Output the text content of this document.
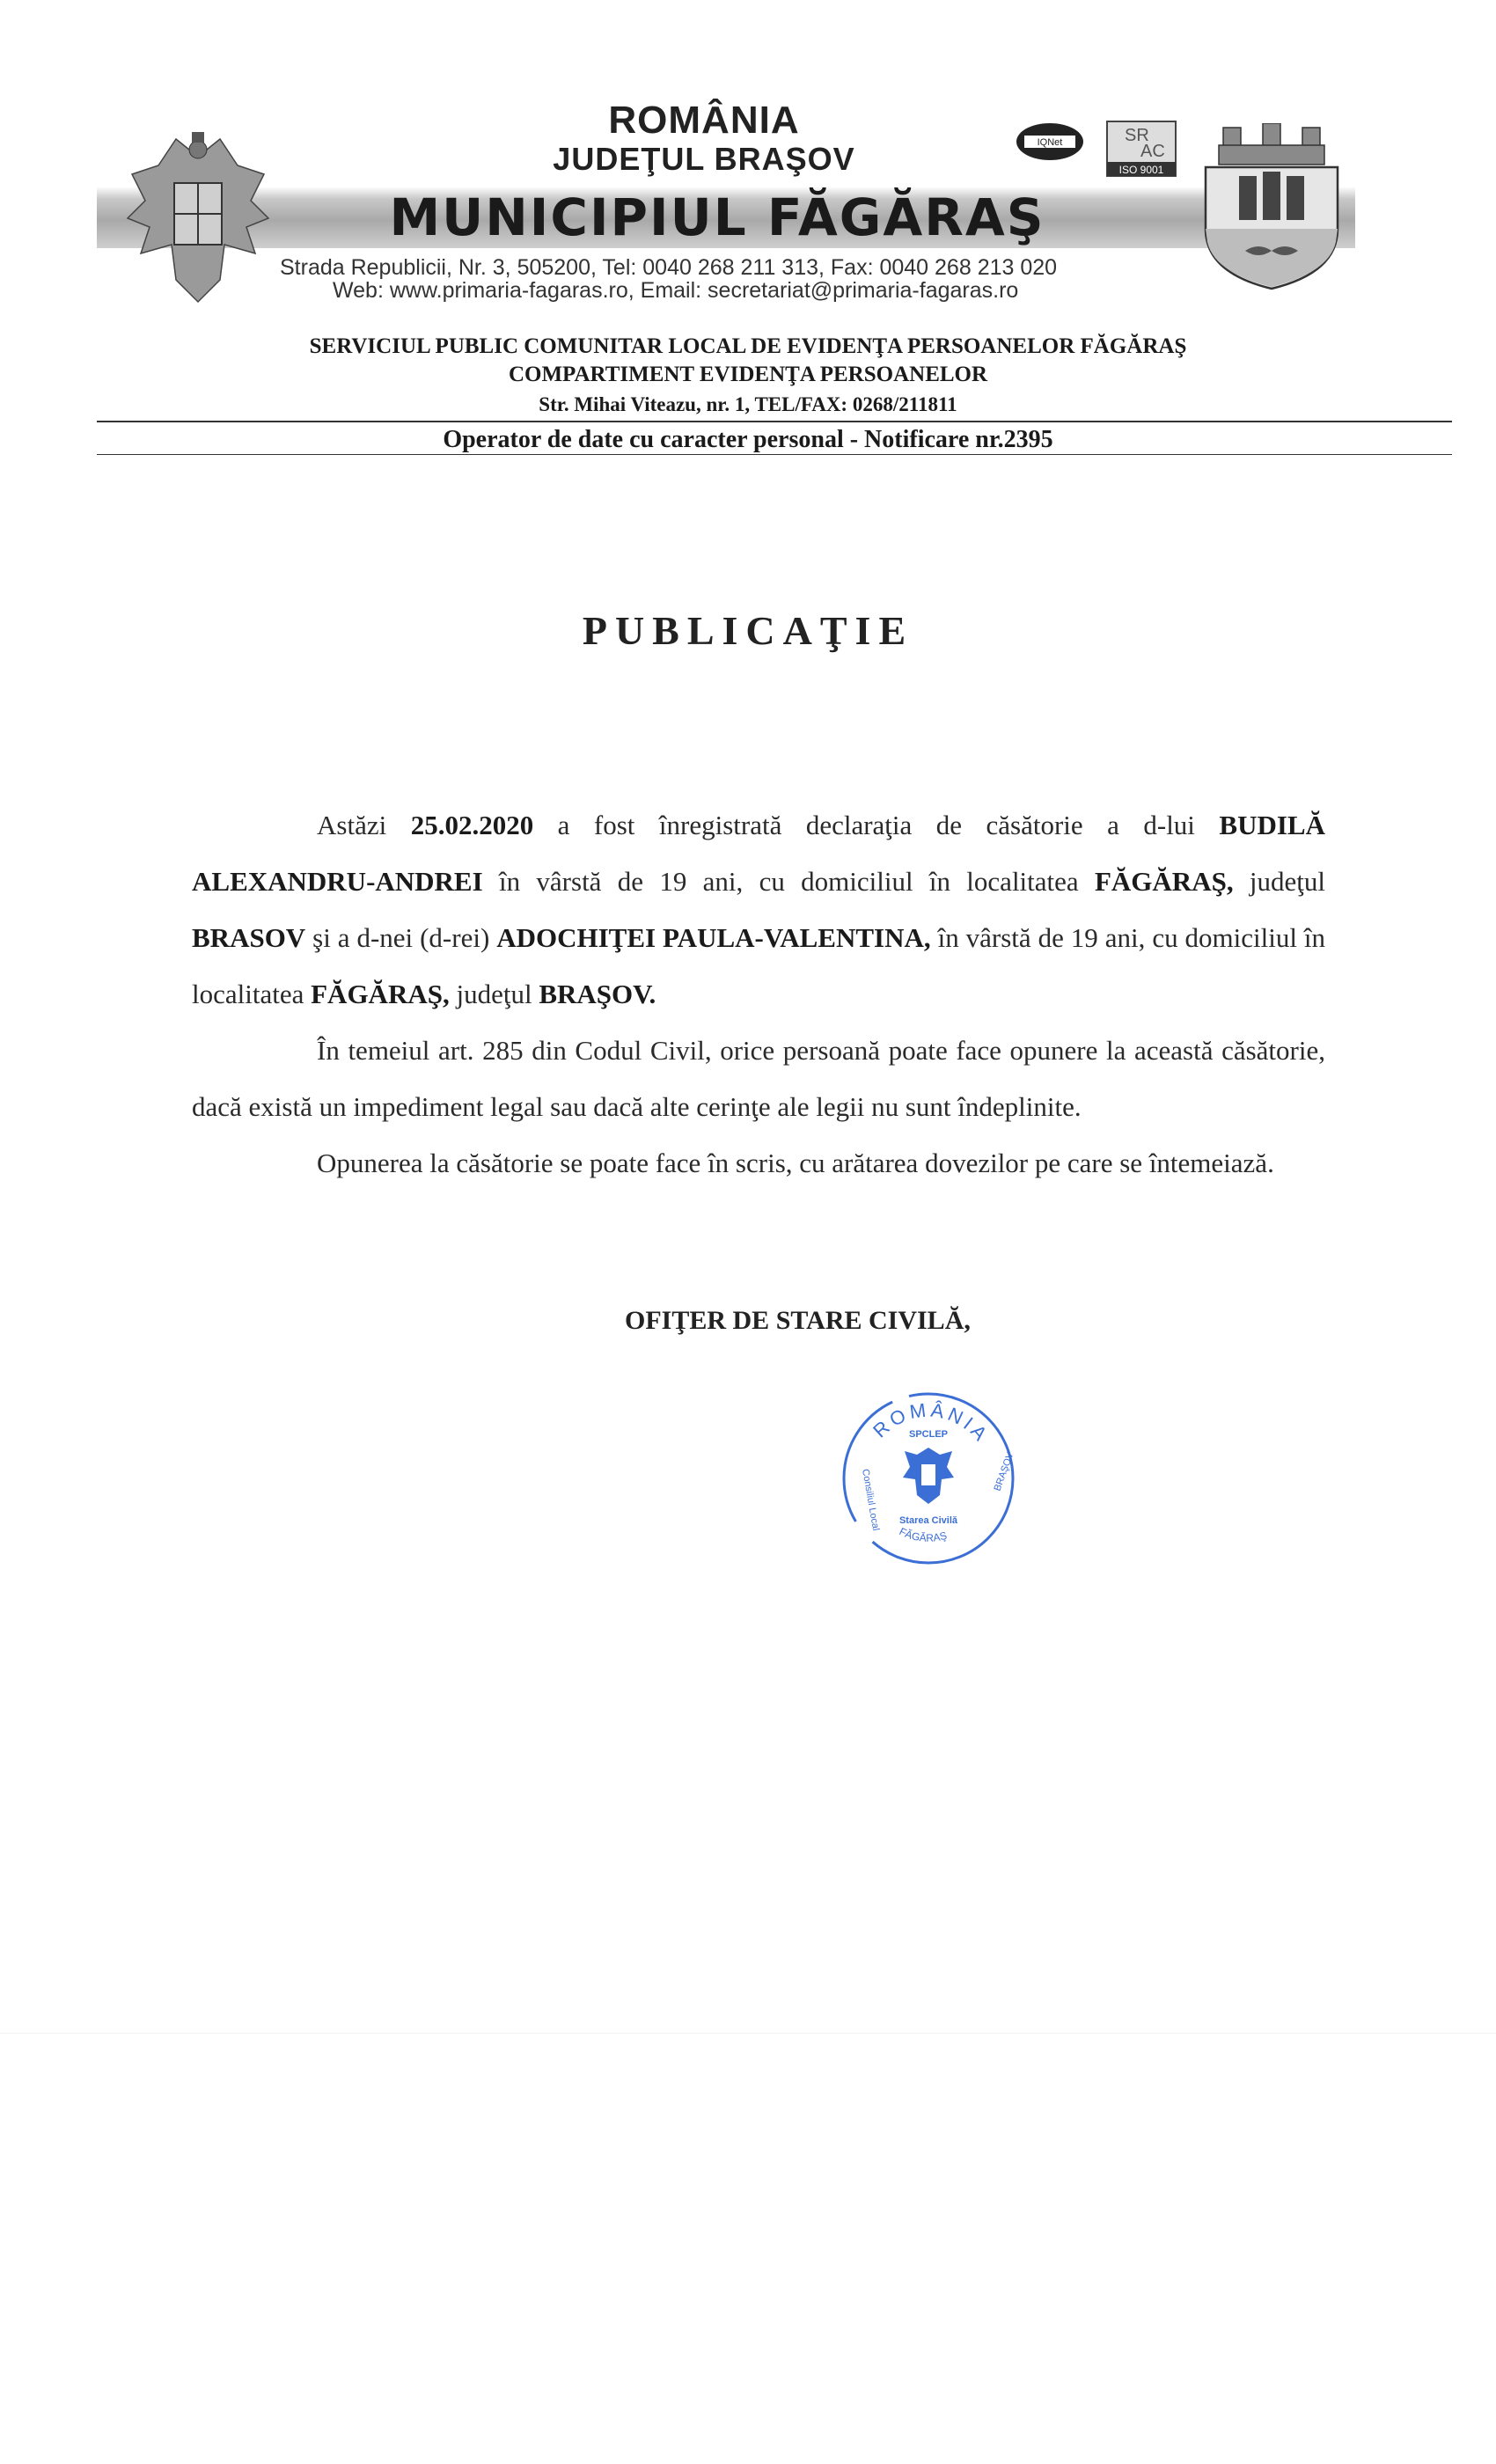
ROMÂNIA
JUDEŢUL BRAŞOV
MUNICIPIUL FĂGĂRAŞ
Strada Republicii, Nr. 3, 505200, Tel: 0040 268 211 313, Fax: 0040 268 213 020
Web: www.primaria-fagaras.ro, Email: secretariat@primaria-fagaras.ro
IQNet	SR
AC
ISO 9001
SERVICIUL PUBLIC COMUNITAR LOCAL DE EVIDENŢA PERSOANELOR FĂGĂRAŞ
COMPARTIMENT EVIDENŢA PERSOANELOR
Str. Mihai Viteazu, nr. 1, TEL/FAX: 0268/211811
Operator de date cu caracter personal - Notificare nr.2395
PUBLICAŢIE

Astăzi 25.02.2020 a fost înregistrată declaraţia de căsătorie a d-lui BUDILĂ ALEXANDRU-ANDREI în vârstă de 19 ani, cu domiciliul în localitatea FĂGĂRAŞ, judeţul BRASOV şi a d-nei (d-rei) ADOCHIŢEI PAULA-VALENTINA, în vârstă de 19 ani, cu domiciliul în localitatea FĂGĂRAŞ, judeţul BRAŞOV.

În temeiul art. 285 din Codul Civil, orice persoană poate face opunere la această căsătorie, dacă există un impediment legal sau dacă alte cerinţe ale legii nu sunt îndeplinite.

Opunerea la căsătorie se poate face în scris, cu arătarea dovezilor pe care se întemeiază.

OFIŢER DE STARE CIVILĂ,
ROMÂNIA
SPCLEP
Consiliul Local	BRAŞOV
Starea Civilă
FĂGĂRAŞ
